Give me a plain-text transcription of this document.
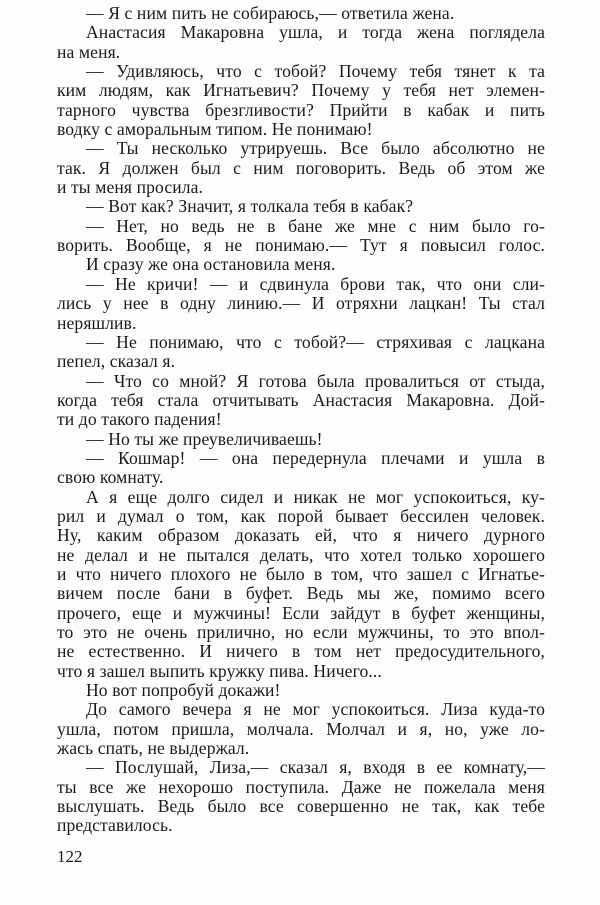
— Я с ним пить не собираюсь,— ответила жена.
Анастасия Макаровна ушла, и тогда жена поглядела
на меня.
— Удивляюсь, что с тобой? Почему тебя тянет к та
ким людям, как Игнатьевич? Почему у тебя нет элемен-
тарного чувства брезгливости? Прийти в кабак и пить
водку с аморальным типом. Не понимаю!
— Ты несколько утрируешь. Все было абсолютно не
так. Я должен был с ним поговорить. Ведь об этом же
и ты меня просила.
— Вот как? Значит, я толкала тебя в кабак?
— Нет, но ведь не в бане же мне с ним было го-
ворить. Вообще, я не понимаю.— Тут я повысил голос.
И сразу же она остановила меня.
— Не кричи! — и сдвинула брови так, что они сли-
лись у нее в одну линию.— И отряхни лацкан! Ты стал
неряшлив.
— Не понимаю, что с тобой?— стряхивая с лацкана
пепел, сказал я.
— Что со мной? Я готова была провалиться от стыда,
когда тебя стала отчитывать Анастасия Макаровна. Дой-
ти до такого падения!
— Но ты же преувеличиваешь!
— Кошмар! — она передернула плечами и ушла в
свою комнату.
А я еще долго сидел и никак не мог успокоиться, ку-
рил и думал о том, как порой бывает бессилен человек.
Ну, каким образом доказать ей, что я ничего дурного
не делал и не пытался делать, что хотел только хорошего
и что ничего плохого не было в том, что зашел с Игнатье-
вичем после бани в буфет. Ведь мы же, помимо всего
прочего, еще и мужчины! Если зайдут в буфет женщины,
то это не очень прилично, но если мужчины, то это впол-
не естественно. И ничего в том нет предосудительного,
что я зашел выпить кружку пива. Ничего...
Но вот попробуй докажи!
До самого вечера я не мог успокоиться. Лиза куда-то
ушла, потом пришла, молчала. Молчал и я, но, уже ло-
жась спать, не выдержал.
— Послушай, Лиза,— сказал я, входя в ее комнату,—
ты все же нехорошо поступила. Даже не пожелала меня
выслушать. Ведь было все совершенно не так, как тебе
представилось.
122
